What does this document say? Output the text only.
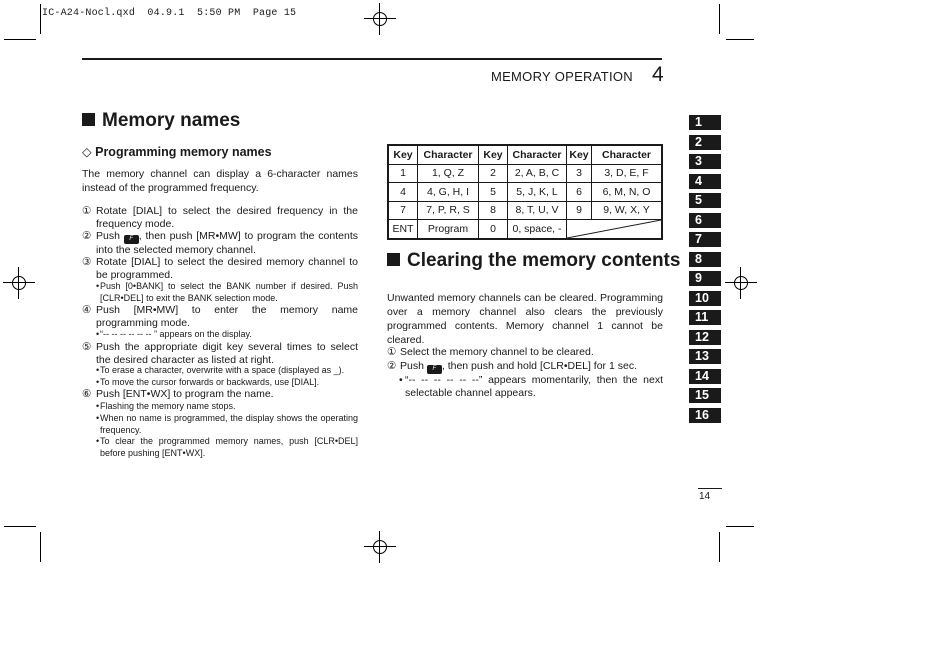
IC-A24-Nocl.qxd  04.9.1  5:50 PM  Page 15
MEMORY OPERATION 4
Memory names
◇ Programming memory names
The memory channel can display a 6-character names instead of the programmed frequency.
① Rotate [DIAL] to select the desired frequency in the frequency mode.
② Push F , then push [MR•MW] to program the contents into the selected memory channel.
③ Rotate [DIAL] to select the desired memory channel to be programmed.
• Push [0•BANK] to select the BANK number if desired. Push [CLR•DEL] to exit the BANK selection mode.
④ Push [MR•MW] to enter the memory name programming mode.
• “-- -- -- -- -- -- ” appears on the display.
⑤ Push the appropriate digit key several times to select the desired character as listed at right.
• To erase a character, overwrite with a space (displayed as _).
• To move the cursor forwards or backwards, use [DIAL].
⑥ Push [ENT•WX] to program the name.
• Flashing the memory name stops.
• When no name is programmed, the display shows the operating frequency.
• To clear the programmed memory names, push [CLR•DEL] before pushing [ENT•WX].
Key	Character	Key	Character	Key	Character
1	1, Q, Z	2	2, A, B, C	3	3, D, E, F
4	4, G, H, I	5	5, J, K, L	6	6, M, N, O
7	7, P, R, S	8	8, T, U, V	9	9, W, X, Y
ENT	Program	0	0, space, -	
Clearing the memory contents
Unwanted memory channels can be cleared. Programming over a memory channel also clears the previously programmed contents. Memory channel 1 cannot be cleared.
① Select the memory channel to be cleared.
② Push F , then push and hold [CLR•DEL] for 1 sec.
• “-- -- -- -- -- --” appears momentarily, then the next selectable channel appears.
1
2
3
4
5
6
7
8
9
10
11
12
13
14
15
16
14
